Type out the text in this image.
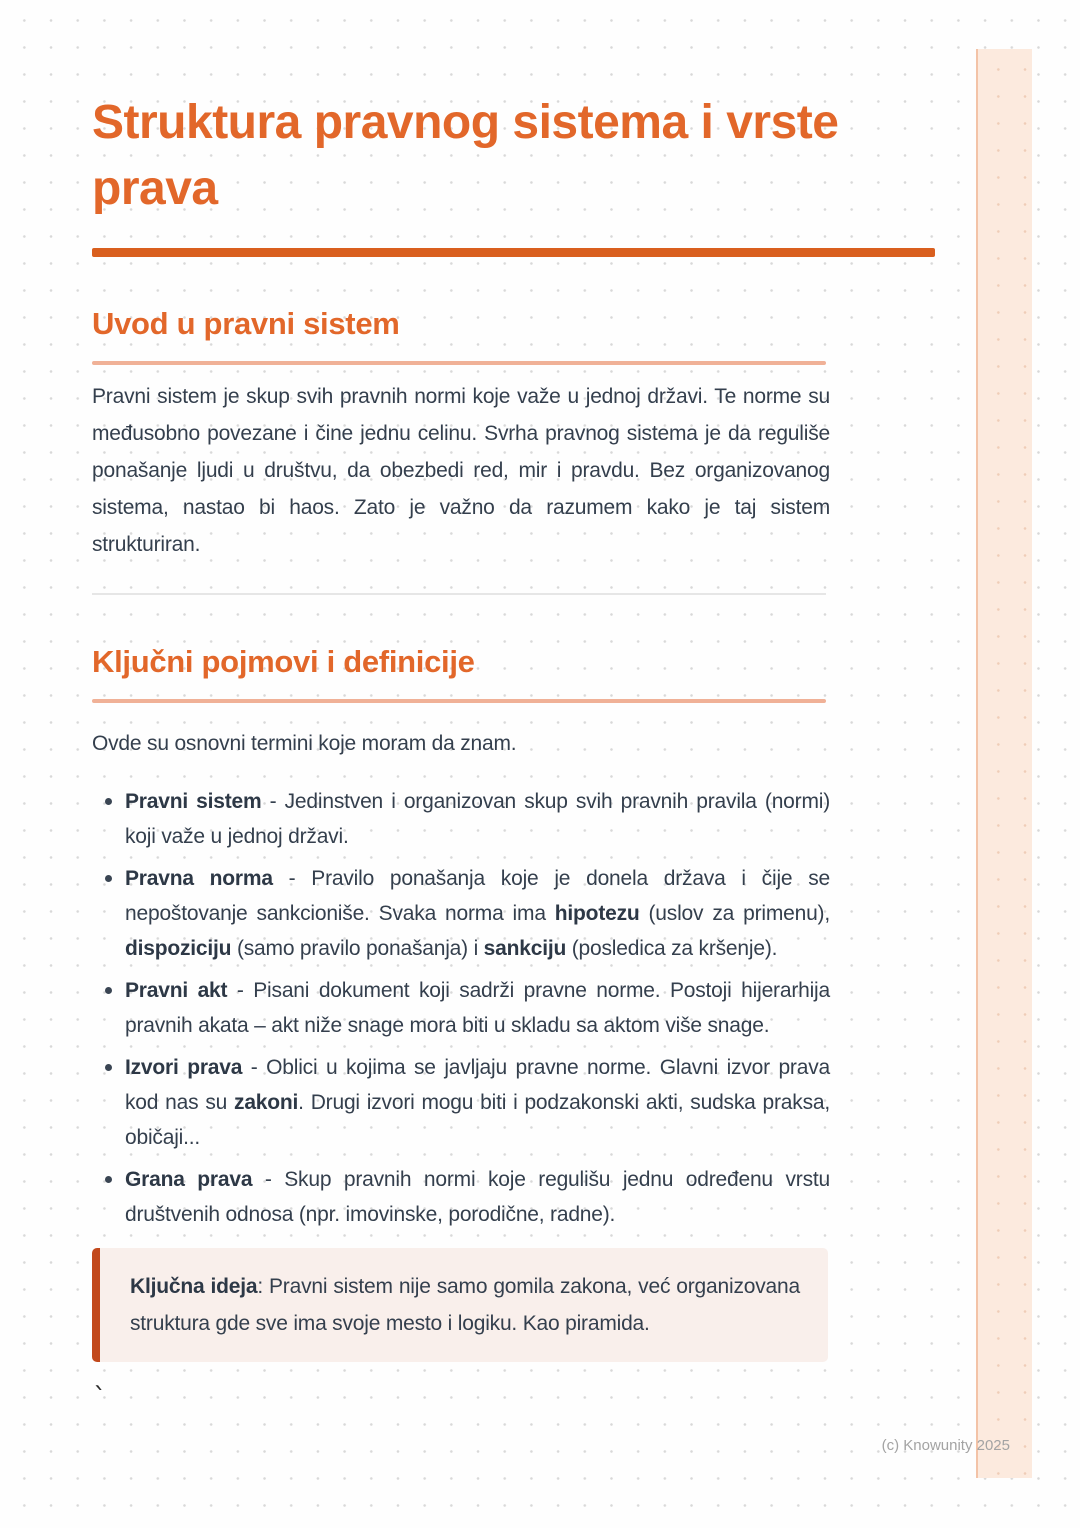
Struktura pravnog sistema i vrste prava
Uvod u pravni sistem

Pravni sistem je skup svih pravnih normi koje važe u jednoj državi. Te norme su međusobno povezane i čine jednu celinu. Svrha pravnog sistema je da reguliše ponašanje ljudi u društvu, da obezbedi red, mir i pravdu. Bez organizovanog sistema, nastao bi haos. Zato je važno da razumem kako je taj sistem strukturiran.

Ključni pojmovi i definicije

Ovde su osnovni termini koje moram da znam.

Pravni sistem - Jedinstven i organizovan skup svih pravnih pravila (normi) koji važe u jednoj državi.
Pravna norma - Pravilo ponašanja koje je donela država i čije se nepoštovanje sankcioniše. Svaka norma ima hipotezu (uslov za primenu), dispoziciju (samo pravilo ponašanja) i sankciju (posledica za kršenje).
Pravni akt - Pisani dokument koji sadrži pravne norme. Postoji hijerarhija pravnih akata – akt niže snage mora biti u skladu sa aktom više snage.
Izvori prava - Oblici u kojima se javljaju pravne norme. Glavni izvor prava kod nas su zakoni. Drugi izvori mogu biti i podzakonski akti, sudska praksa, običaji...
Grana prava - Skup pravnih normi koje regulišu jednu određenu vrstu društvenih odnosa (npr. imovinske, porodične, radne).

Ključna ideja: Pravni sistem nije samo gomila zakona, već organizovana struktura gde sve ima svoje mesto i logiku. Kao piramida.

`
(c) Knowunity 2025
